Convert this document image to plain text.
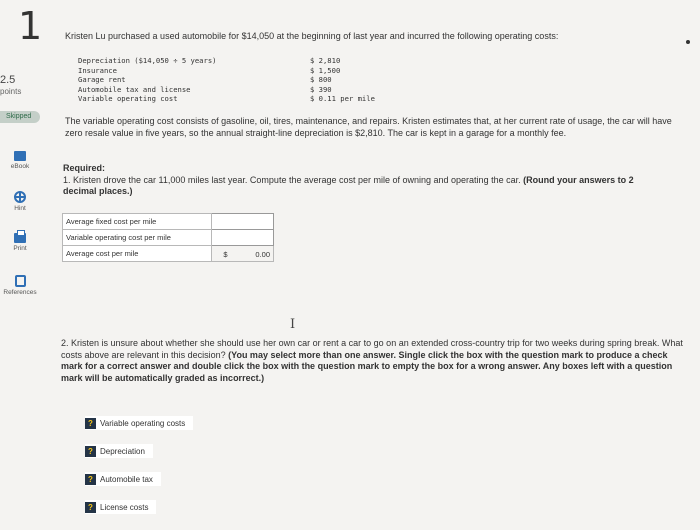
1
2.5
points
Skipped
eBook
Hint
Print
References
Kristen Lu purchased a used automobile for $14,050 at the beginning of last year and incurred the following operating costs:
Depreciation ($14,050 ÷ 5 years)	$ 2,810
Insurance	$ 1,500
Garage rent	$ 800
Automobile tax and license	$ 390
Variable operating cost	$ 0.11 per mile
The variable operating cost consists of gasoline, oil, tires, maintenance, and repairs. Kristen estimates that, at her current rate of usage, the car will have zero resale value in five years, so the annual straight-line depreciation is $2,810. The car is kept in a garage for a monthly fee.
Required:
1. Kristen drove the car 11,000 miles last year. Compute the average cost per mile of owning and operating the car. (Round your answers to 2 decimal places.)
Average fixed cost per mile	
Variable operating cost per mile	
Average cost per mile	$ 0.00
I
2. Kristen is unsure about whether she should use her own car or rent a car to go on an extended cross-country trip for two weeks during spring break. What costs above are relevant in this decision? (You may select more than one answer. Single click the box with the question mark to produce a check mark for a correct answer and double click the box with the question mark to empty the box for a wrong answer. Any boxes left with a question mark will be automatically graded as incorrect.)
? Variable operating costs
? Depreciation
? Automobile tax
? License costs
